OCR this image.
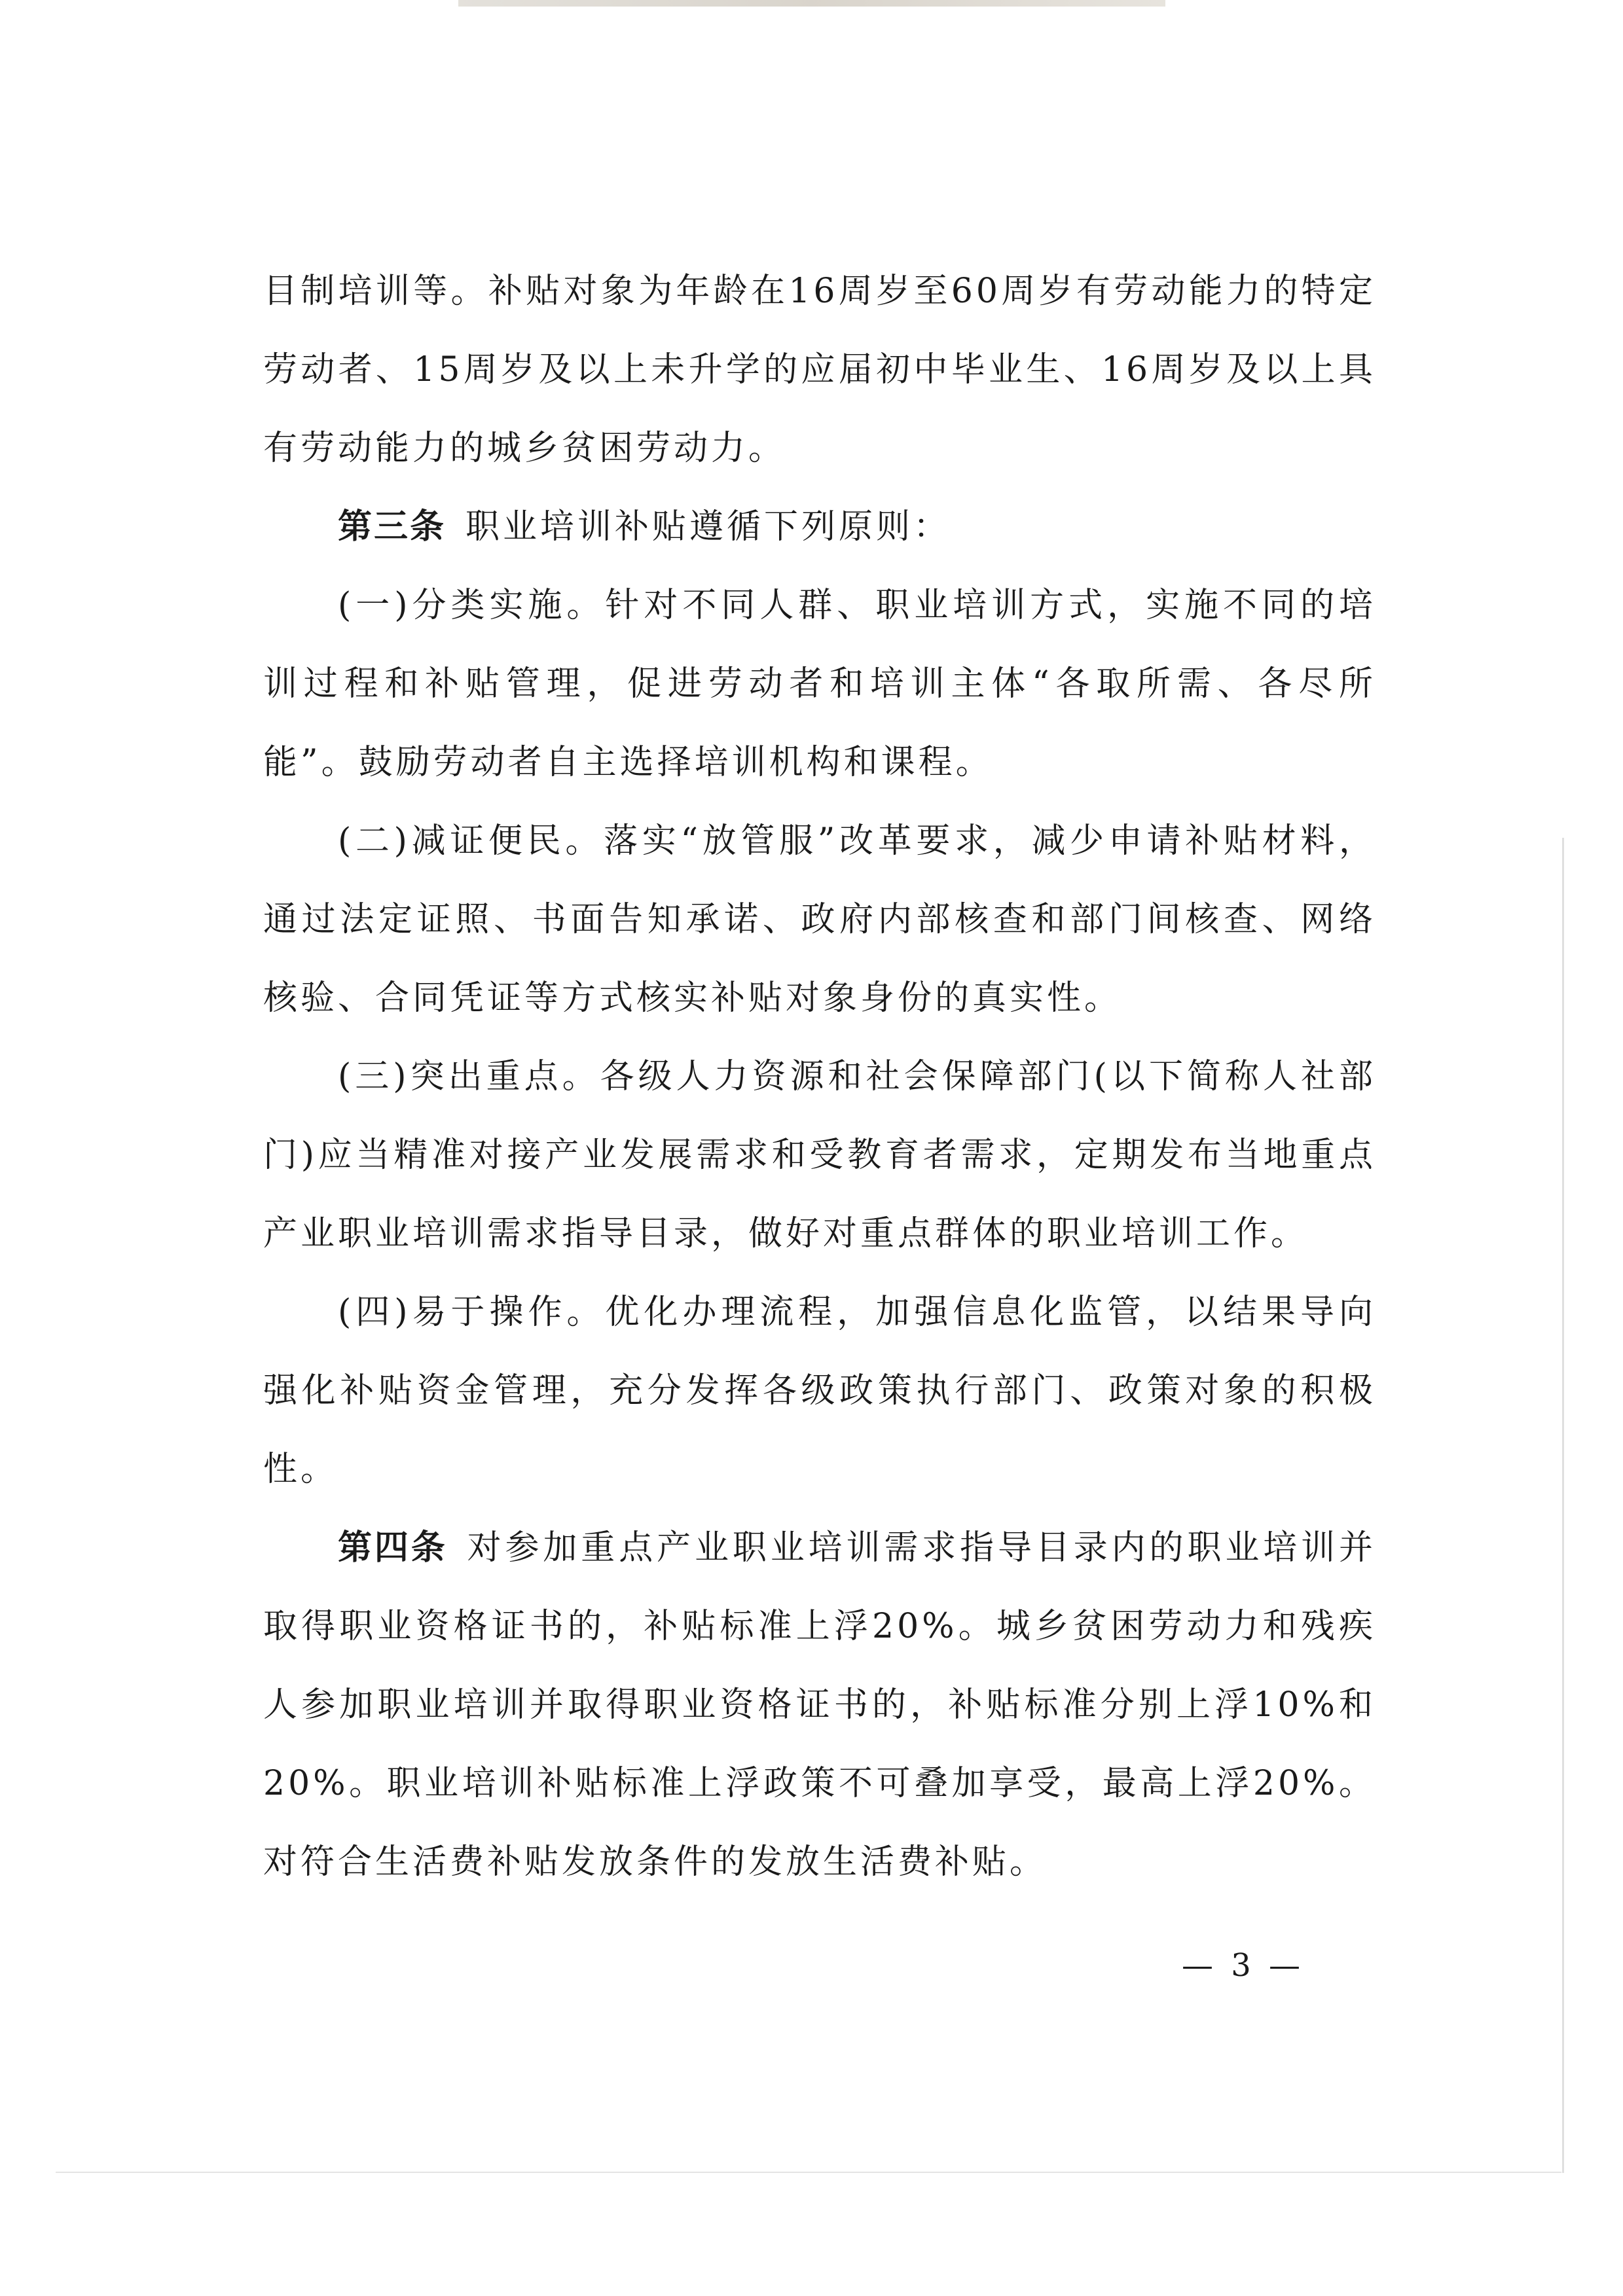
目制培训等。补贴对象为年龄在16周岁至60周岁有劳动能力的特定劳动者、15周岁及以上未升学的应届初中毕业生、16周岁及以上具有劳动能力的城乡贫困劳动力。

第三条 职业培训补贴遵循下列原则：

(一)分类实施。针对不同人群、职业培训方式，实施不同的培训过程和补贴管理，促进劳动者和培训主体“各取所需、各尽所能”。鼓励劳动者自主选择培训机构和课程。

(二)减证便民。落实“放管服”改革要求，减少申请补贴材料，通过法定证照、书面告知承诺、政府内部核查和部门间核查、网络核验、合同凭证等方式核实补贴对象身份的真实性。

(三)突出重点。各级人力资源和社会保障部门(以下简称人社部门)应当精准对接产业发展需求和受教育者需求，定期发布当地重点产业职业培训需求指导目录，做好对重点群体的职业培训工作。

(四)易于操作。优化办理流程，加强信息化监管，以结果导向强化补贴资金管理，充分发挥各级政策执行部门、政策对象的积极性。

第四条 对参加重点产业职业培训需求指导目录内的职业培训并取得职业资格证书的，补贴标准上浮20%。城乡贫困劳动力和残疾人参加职业培训并取得职业资格证书的，补贴标准分别上浮10%和20%。职业培训补贴标准上浮政策不可叠加享受，最高上浮20%。对符合生活费补贴发放条件的发放生活费补贴。

— 3 —
